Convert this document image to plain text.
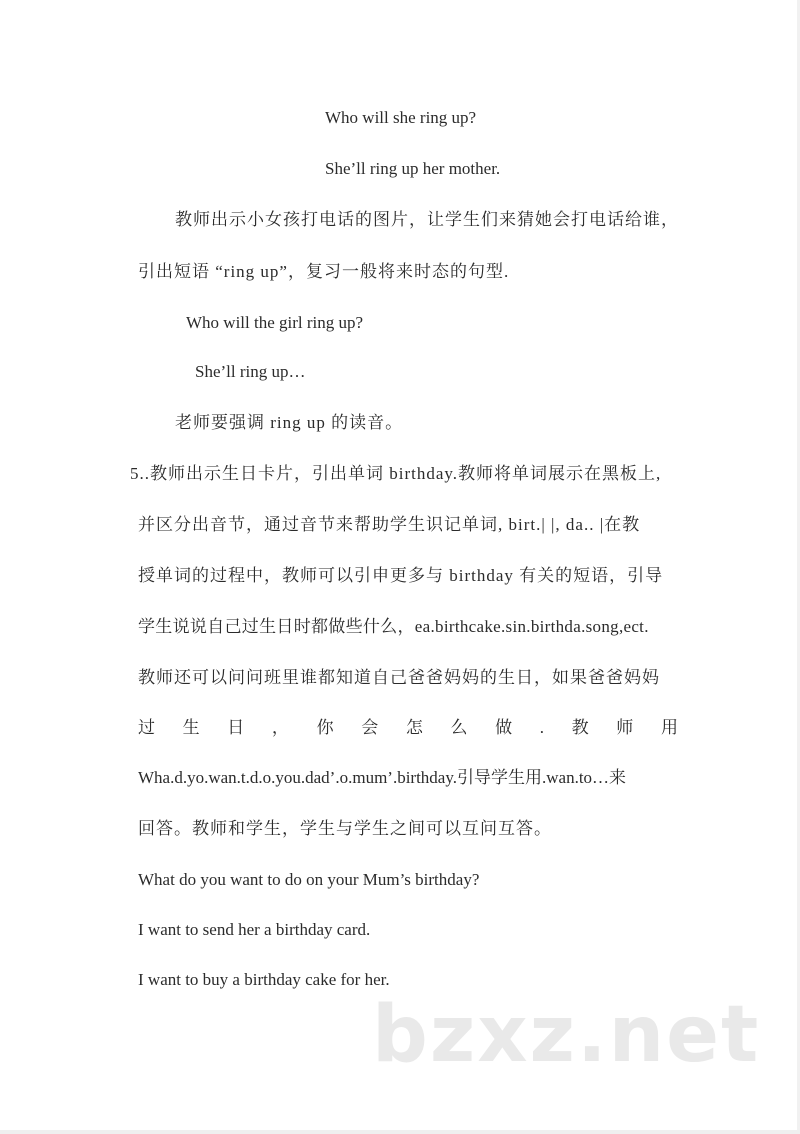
Who will she ring up?
She’ll ring up her mother.
教师出示小女孩打电话的图片，让学生们来猜她会打电话给谁，
引出短语 “ring up”，复习一般将来时态的句型.
Who will the girl ring up?
She’ll ring up…
老师要强调 ring up 的读音。
5..教师出示生日卡片，引出单词 birthday.教师将单词展示在黑板上,
并区分出音节，通过音节来帮助学生识记单词, birt.| |, da.. |在教
授单词的过程中，教师可以引申更多与 birthday 有关的短语，引导
学生说说自己过生日时都做些什么，ea.birthcake.sin.birthda.song,ect.
教师还可以问问班里谁都知道自己爸爸妈妈的生日，如果爸爸妈妈
过 生 日 ， 你 会 怎 么 做 . 教 师 用
Wha.d.yo.wan.t.d.o.you.dad’.o.mum’.birthday.引导学生用.wan.to…来
回答。教师和学生，学生与学生之间可以互问互答。
What do you want to do on your Mum’s birthday?
I want to send her a birthday card.
I want to buy a birthday cake for her.
bzxz.net
